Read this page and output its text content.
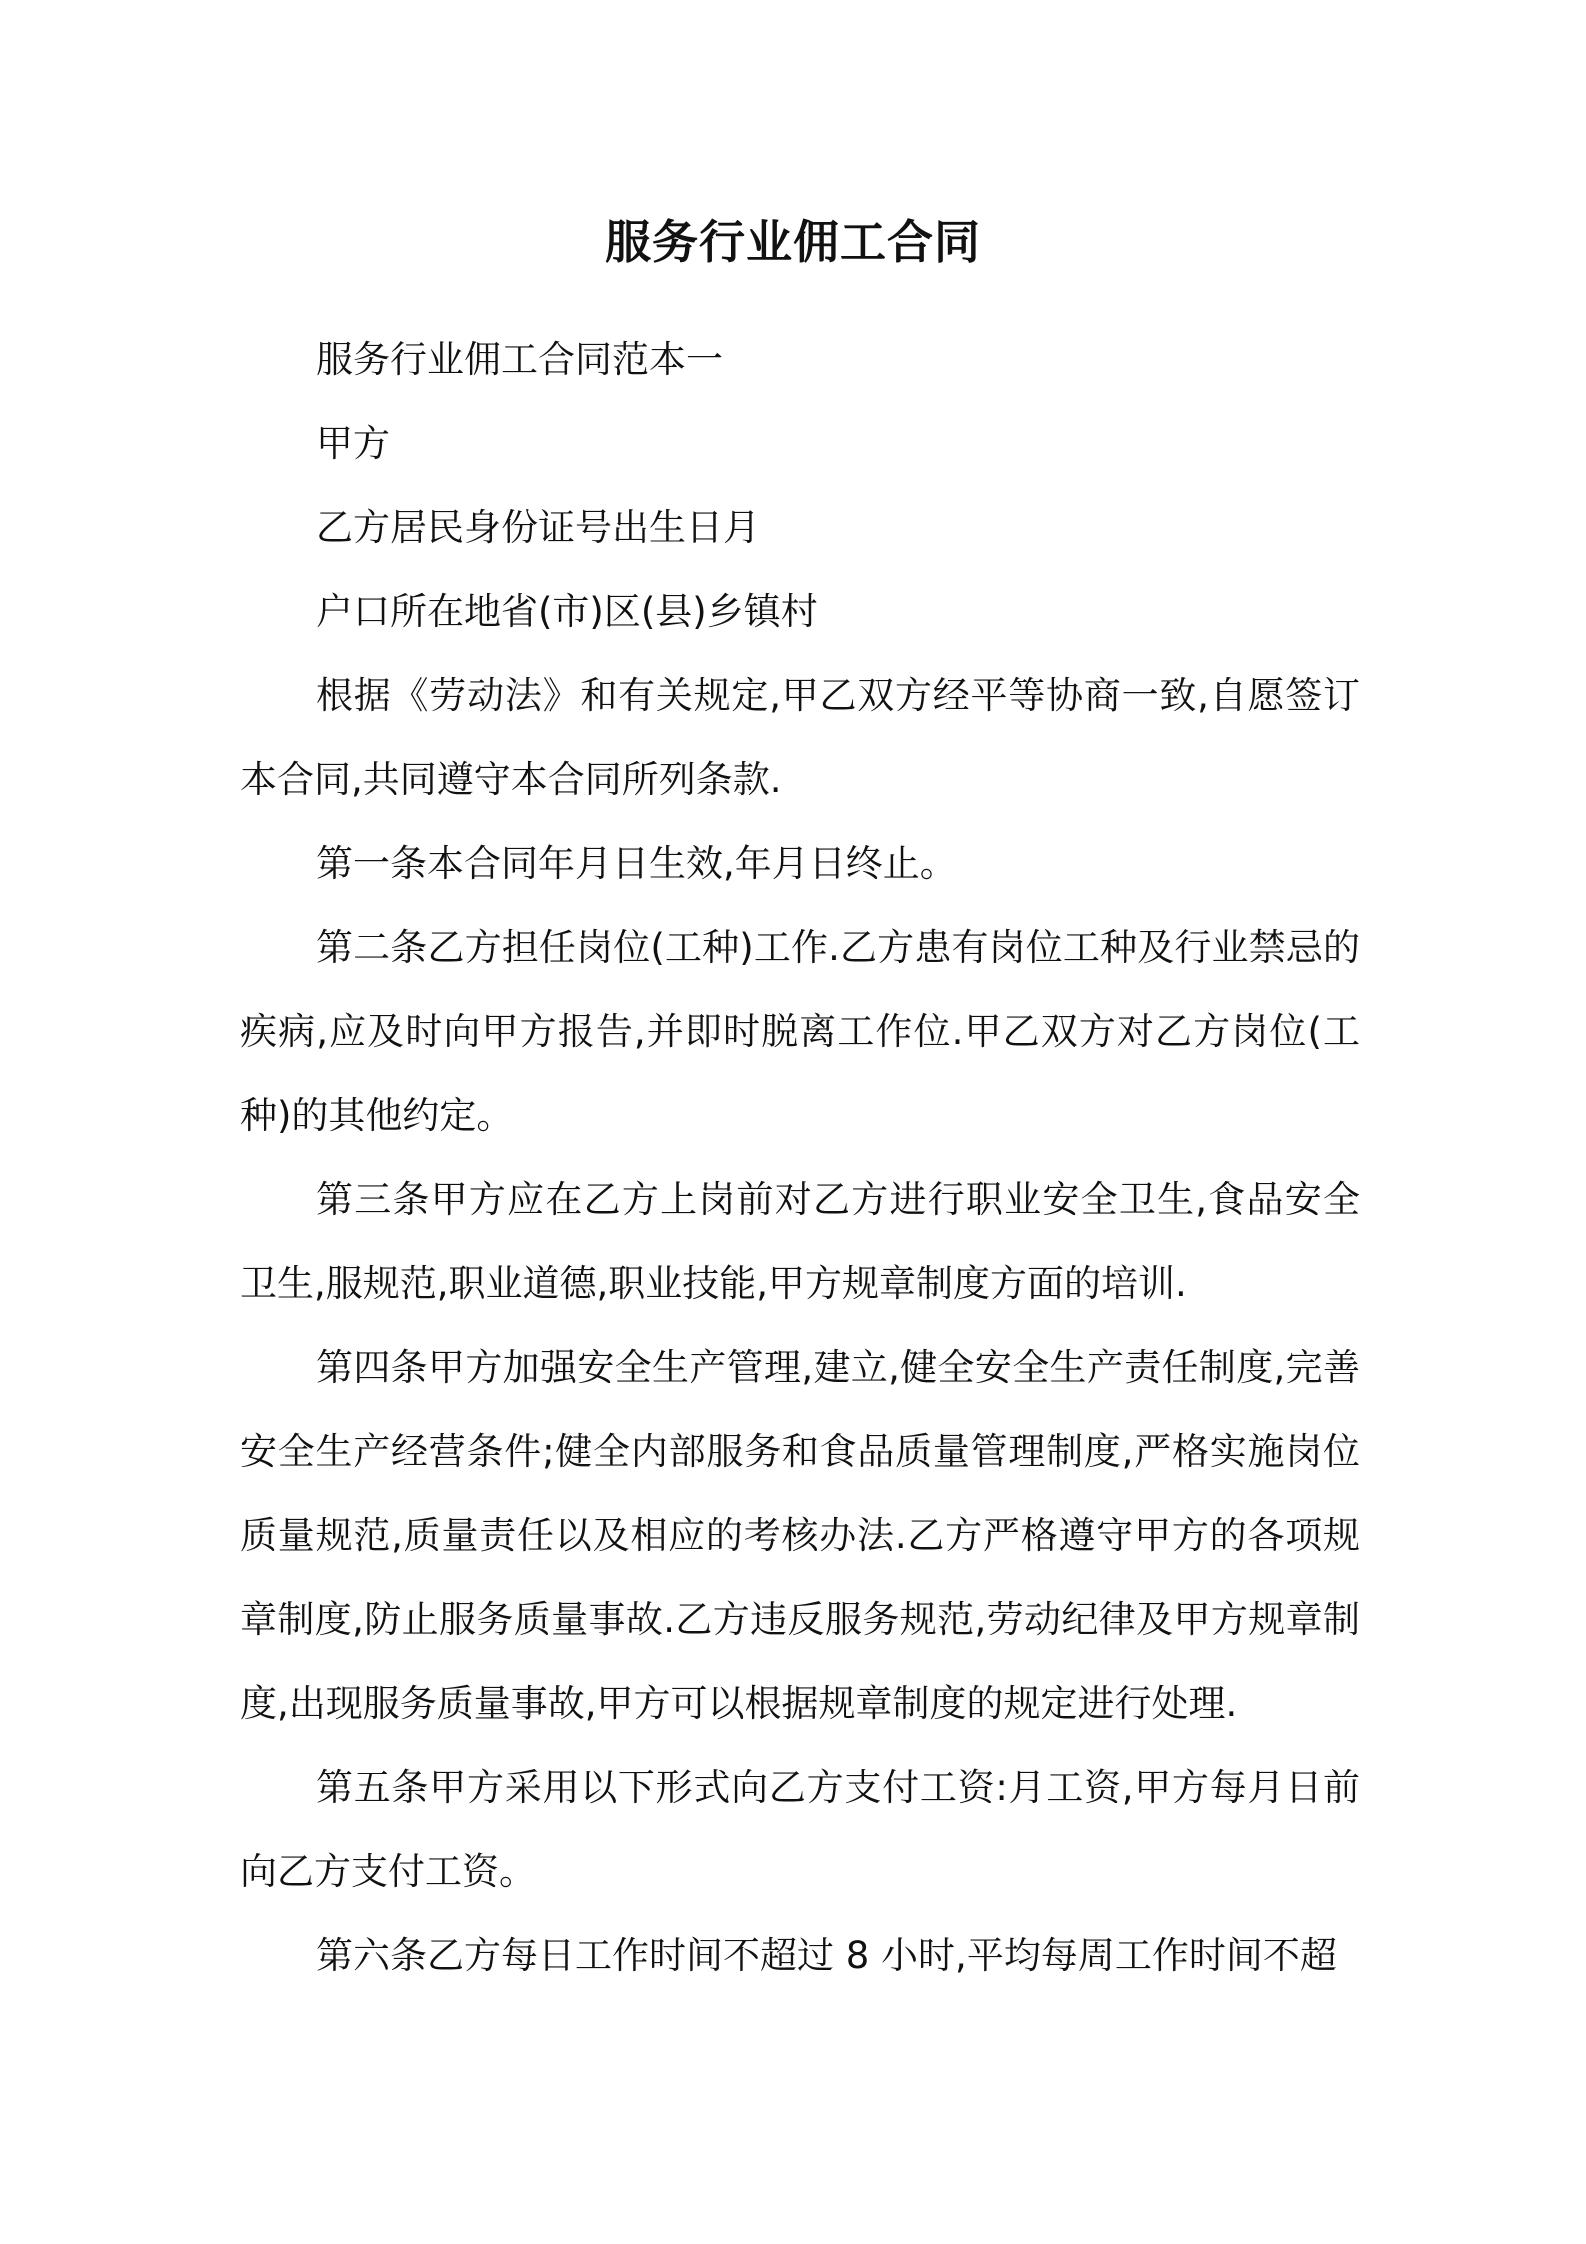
服务行业佣工合同

服务行业佣工合同范本一

甲方

乙方居民身份证号出生日月

户口所在地省(市)区(县)乡镇村

根据《劳动法》和有关规定,甲乙双方经平等协商一致,自愿签订本合同,共同遵守本合同所列条款.

第一条本合同年月日生效,年月日终止。

第二条乙方担任岗位(工种)工作.乙方患有岗位工种及行业禁忌的疾病,应及时向甲方报告,并即时脱离工作位.甲乙双方对乙方岗位(工种)的其他约定。

第三条甲方应在乙方上岗前对乙方进行职业安全卫生,食品安全卫生,服规范,职业道德,职业技能,甲方规章制度方面的培训.

第四条甲方加强安全生产管理,建立,健全安全生产责任制度,完善安全生产经营条件;健全内部服务和食品质量管理制度,严格实施岗位质量规范,质量责任以及相应的考核办法.乙方严格遵守甲方的各项规章制度,防止服务质量事故.乙方违反服务规范,劳动纪律及甲方规章制度,出现服务质量事故,甲方可以根据规章制度的规定进行处理.

第五条甲方采用以下形式向乙方支付工资:月工资,甲方每月日前向乙方支付工资。

第六条乙方每日工作时间不超过 8 小时,平均每周工作时间不超
